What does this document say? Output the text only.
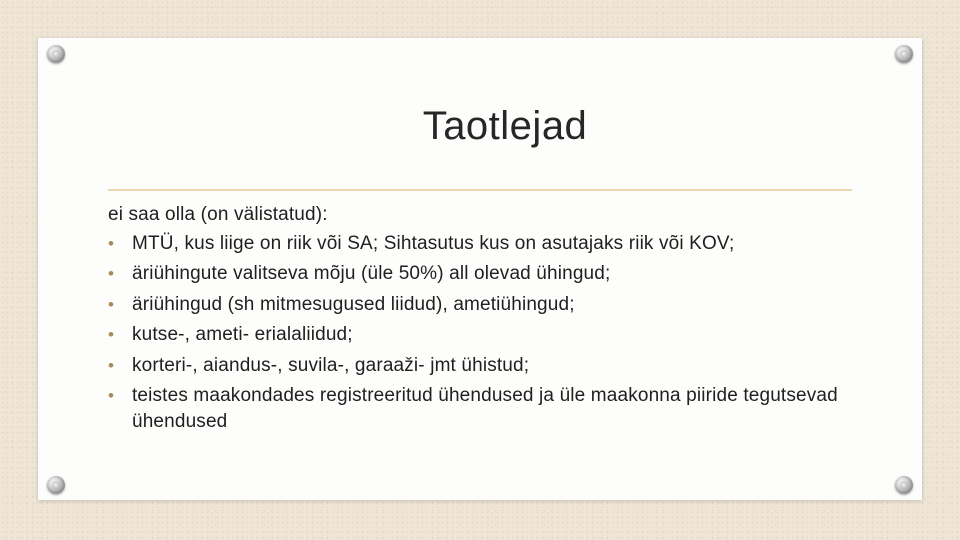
Taotlejad

ei saa olla (on välistatud):

• MTÜ, kus liige on riik või SA; Sihtasutus kus on asutajaks riik või KOV;
• äriühingute valitseva mõju (üle 50%) all olevad ühingud;
• äriühingud (sh mitmesugused liidud), ametiühingud;
• kutse-, ameti- erialaliidud;
• korteri-, aiandus-, suvila-, garaaži- jmt ühistud;
• teistes maakondades registreeritud ühendused ja üle maakonna piiride tegutsevad ühendused
